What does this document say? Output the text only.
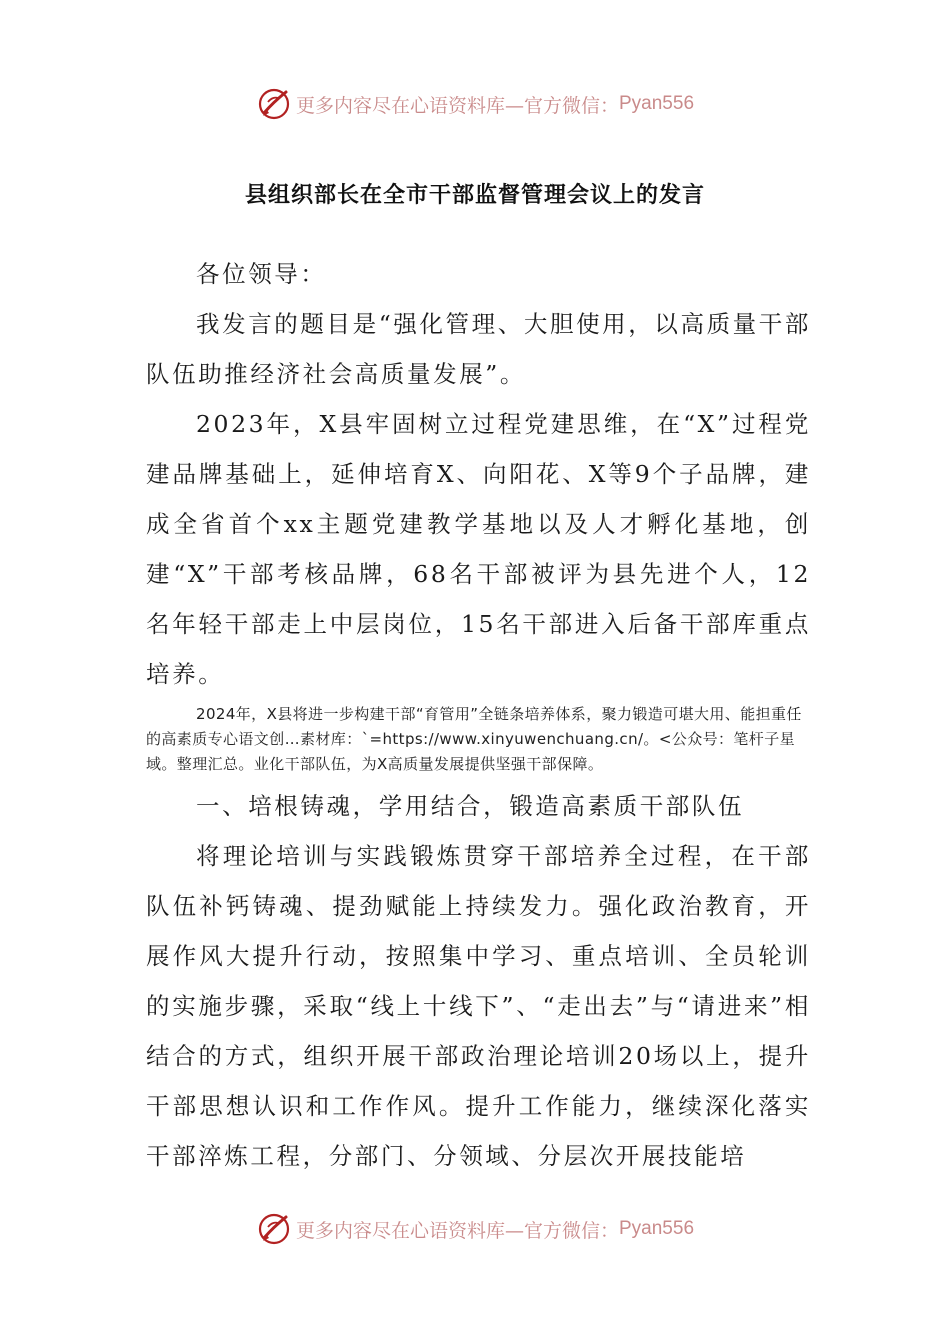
更多内容尽在心语资料库—官方微信： Pyan556
县组织部长在全市干部监督管理会议上的发言

各位领导：

我发言的题目是“强化管理、大胆使用，以高质量干部队伍助推经济社会高质量发展”。

2023年，X县牢固树立过程党建思维，在“X”过程党建品牌基础上，延伸培育X、向阳花、X等9个子品牌，建成全省首个xx主题党建教学基地以及人才孵化基地，创建“X”干部考核品牌，68名干部被评为县先进个人，12名年轻干部走上中层岗位，15名干部进入后备干部库重点培养。

2024年，X县将进一步构建干部“育管用”全链条培养体系，聚力锻造可堪大用、能担重任的高素质专心语文创…素材库：`=https://www.xinyuwenchuang.cn/。<公众号：笔杆子星域。整理汇总。业化干部队伍，为X高质量发展提供坚强干部保障。

一、培根铸魂，学用结合，锻造高素质干部队伍

将理论培训与实践锻炼贯穿干部培养全过程，在干部队伍补钙铸魂、提劲赋能上持续发力。强化政治教育，开展作风大提升行动，按照集中学习、重点培训、全员轮训的实施步骤，采取“线上十线下”、“走出去”与“请进来”相结合的方式，组织开展干部政治理论培训20场以上，提升干部思想认识和工作作风。提升工作能力，继续深化落实干部淬炼工程，分部门、分领域、分层次开展技能培

更多内容尽在心语资料库—官方微信： Pyan556
